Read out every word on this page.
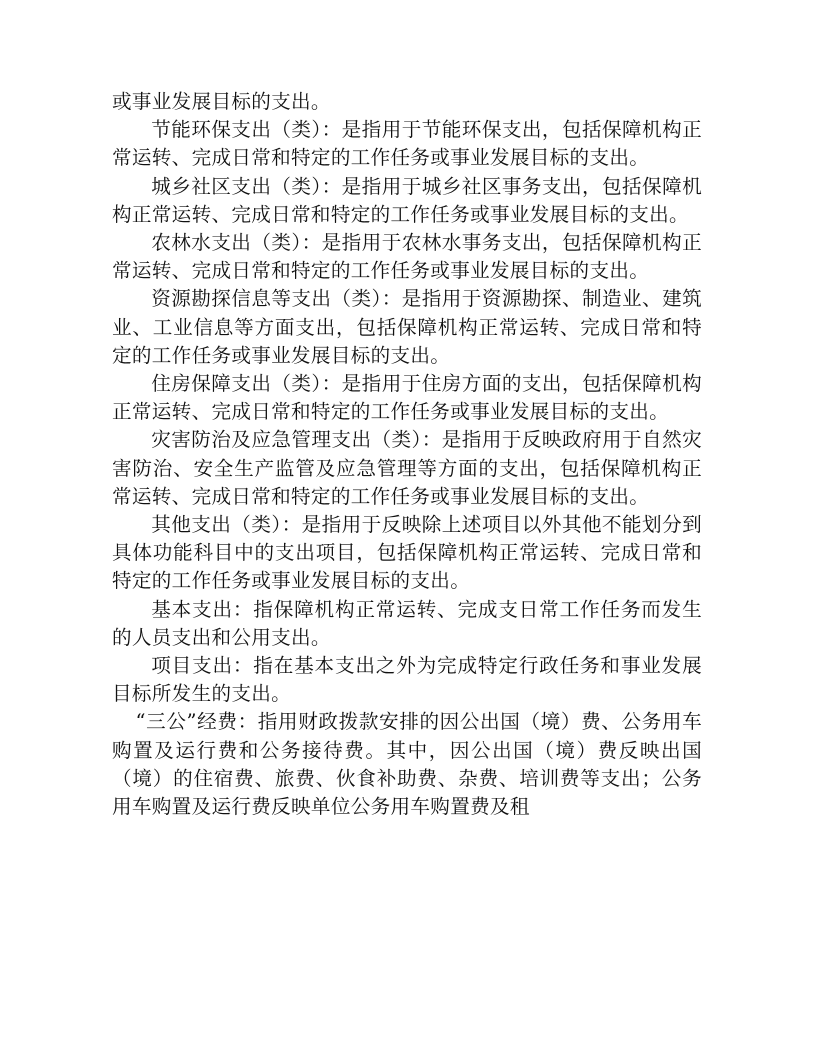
或事业发展目标的支出。

节能环保支出（类）：是指用于节能环保支出，包括保障机构正常运转、完成日常和特定的工作任务或事业发展目标的支出。

城乡社区支出（类）：是指用于城乡社区事务支出，包括保障机构正常运转、完成日常和特定的工作任务或事业发展目标的支出。

农林水支出（类）：是指用于农林水事务支出，包括保障机构正常运转、完成日常和特定的工作任务或事业发展目标的支出。

资源勘探信息等支出（类）：是指用于资源勘探、制造业、建筑业、工业信息等方面支出，包括保障机构正常运转、完成日常和特定的工作任务或事业发展目标的支出。

住房保障支出（类）：是指用于住房方面的支出，包括保障机构正常运转、完成日常和特定的工作任务或事业发展目标的支出。

灾害防治及应急管理支出（类）：是指用于反映政府用于自然灾害防治、安全生产监管及应急管理等方面的支出，包括保障机构正常运转、完成日常和特定的工作任务或事业发展目标的支出。

其他支出（类）：是指用于反映除上述项目以外其他不能划分到具体功能科目中的支出项目，包括保障机构正常运转、完成日常和特定的工作任务或事业发展目标的支出。

基本支出：指保障机构正常运转、完成支日常工作任务而发生的人员支出和公用支出。

项目支出：指在基本支出之外为完成特定行政任务和事业发展目标所发生的支出。

“三公”经费：指用财政拨款安排的因公出国（境）费、公务用车购置及运行费和公务接待费。其中，因公出国（境）费反映出国（境）的住宿费、旅费、伙食补助费、杂费、培训费等支出；公务用车购置及运行费反映单位公务用车购置费及租
